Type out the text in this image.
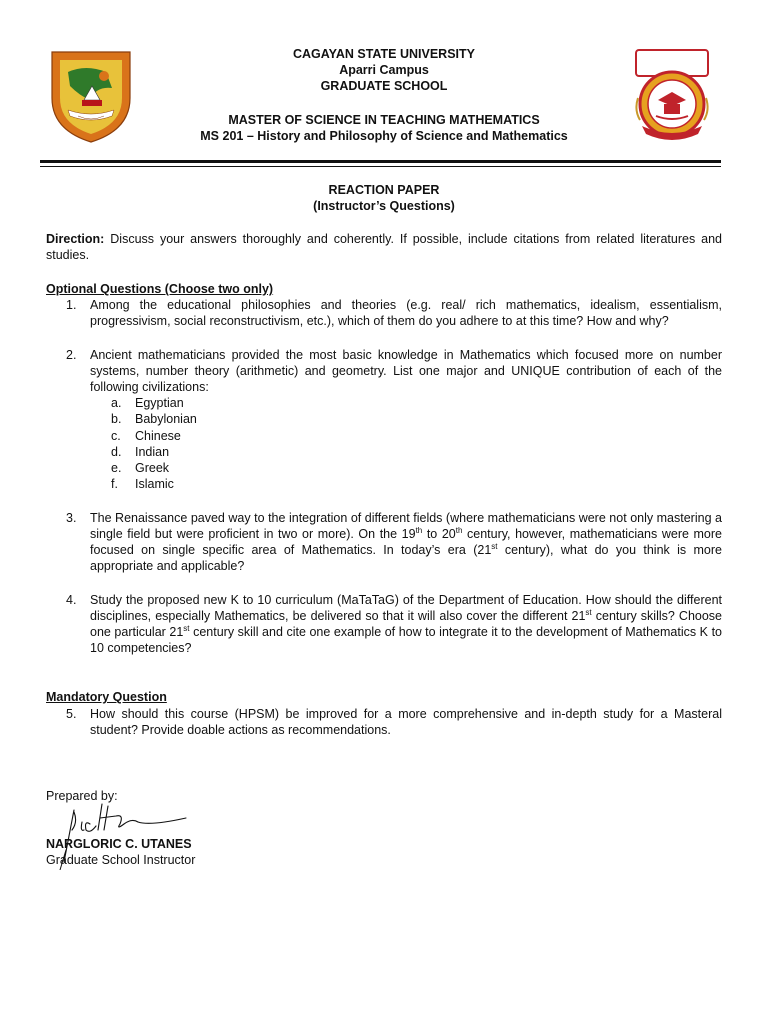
CAGAYAN STATE UNIVERSITY
Aparri Campus
GRADUATE SCHOOL
MASTER OF SCIENCE IN TEACHING MATHEMATICS
MS 201 – History and Philosophy of Science and Mathematics
REACTION PAPER
(Instructor’s Questions)
Direction: Discuss your answers thoroughly and coherently. If possible, include citations from related literatures and studies.
Optional Questions (Choose two only)
1.	Among the educational philosophies and theories (e.g. real/ rich mathematics, idealism, essentialism, progressivism, social reconstructivism, etc.), which of them do you adhere to at this time? How and why?
2.	Ancient mathematicians provided the most basic knowledge in Mathematics which focused more on number systems, number theory (arithmetic) and geometry. List one major and UNIQUE contribution of each of the following civilizations:
a.	Egyptian
b.	Babylonian
c.	Chinese
d.	Indian
e.	Greek
f.	Islamic
3.	The Renaissance paved way to the integration of different fields (where mathematicians were not only mastering a single field but were proficient in two or more). On the 19th to 20th century, however, mathematicians were more focused on single specific area of Mathematics. In today’s era (21st century), what do you think is more appropriate and applicable?
4.	Study the proposed new K to 10 curriculum (MaTaTaG) of the Department of Education. How should the different disciplines, especially Mathematics, be delivered so that it will also cover the different 21st century skills? Choose one particular 21st century skill and cite one example of how to integrate it to the development of Mathematics K to 10 competencies?
Mandatory Question
5.	How should this course (HPSM) be improved for a more comprehensive and in-depth study for a Masteral student? Provide doable actions as recommendations.
Prepared by:
NARGLORIC C. UTANES
Graduate School Instructor
